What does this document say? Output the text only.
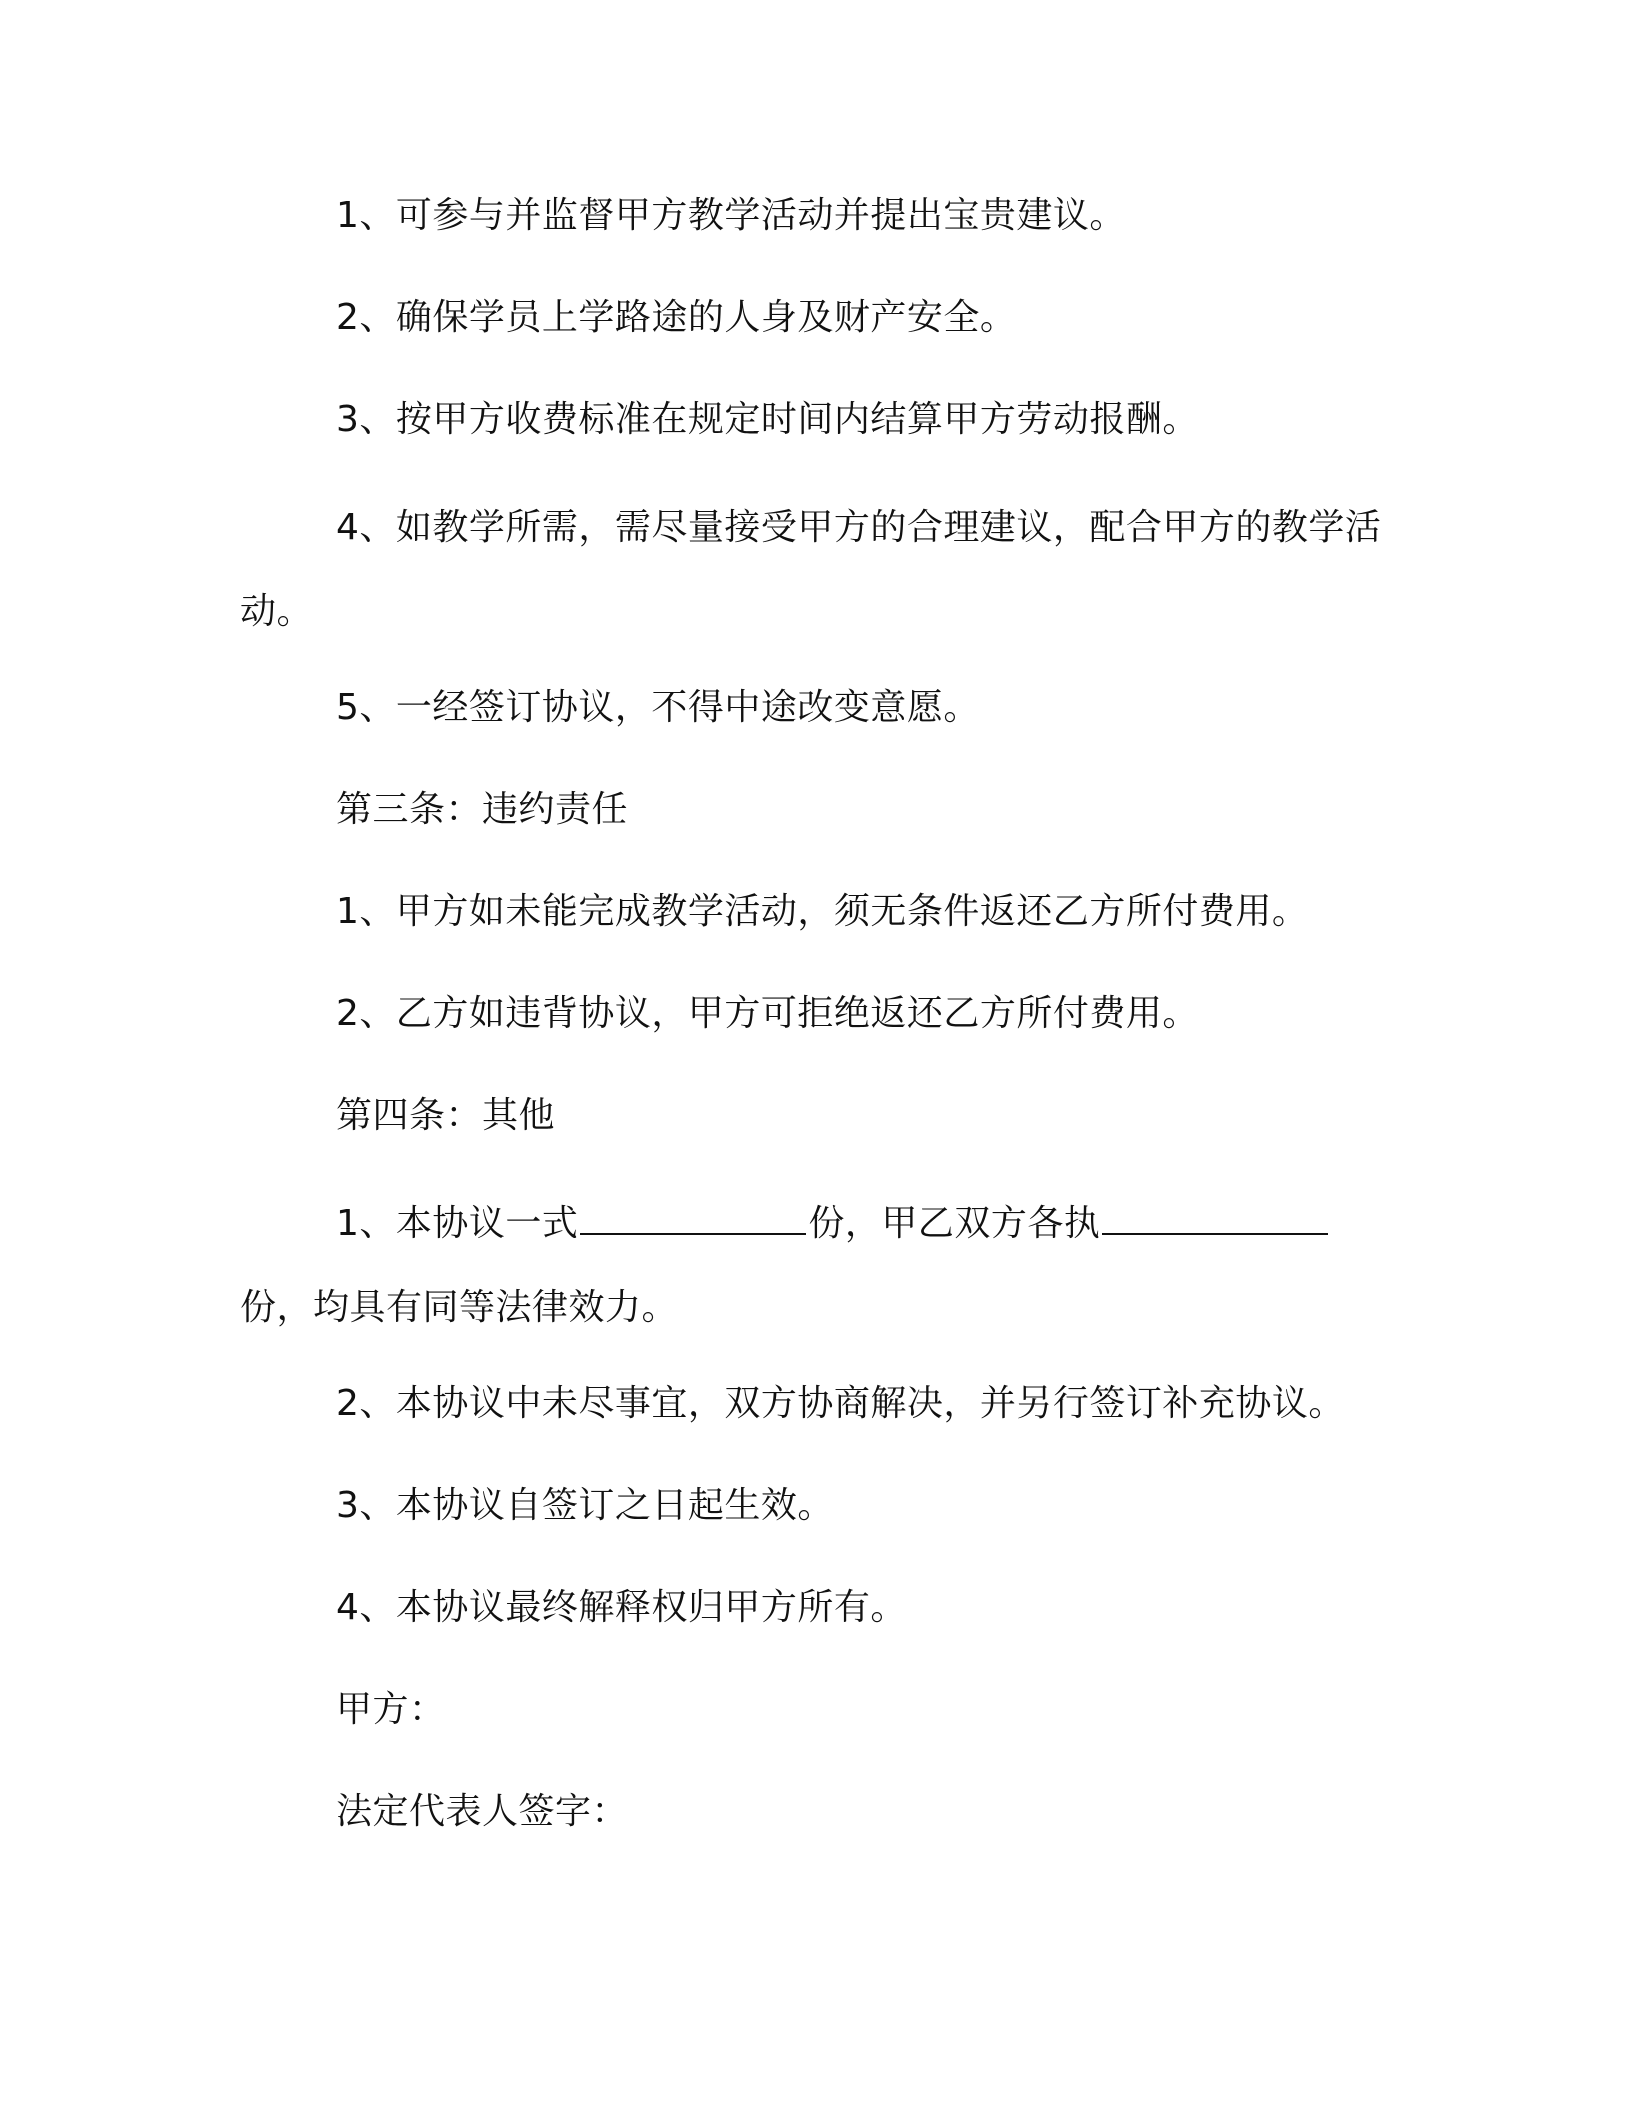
1、可参与并监督甲方教学活动并提出宝贵建议。
2、确保学员上学路途的人身及财产安全。
3、按甲方收费标准在规定时间内结算甲方劳动报酬。
4、如教学所需，需尽量接受甲方的合理建议，配合甲方的教学活动。
5、一经签订协议，不得中途改变意愿。
第三条：违约责任
1、甲方如未能完成教学活动，须无条件返还乙方所付费用。
2、乙方如违背协议，甲方可拒绝返还乙方所付费用。
第四条：其他
1、本协议一式	份，甲乙双方各执份，均具有同等法律效力。
2、本协议中未尽事宜，双方协商解决，并另行签订补充协议。
3、本协议自签订之日起生效。
4、本协议最终解释权归甲方所有。
甲方：
法定代表人签字：
